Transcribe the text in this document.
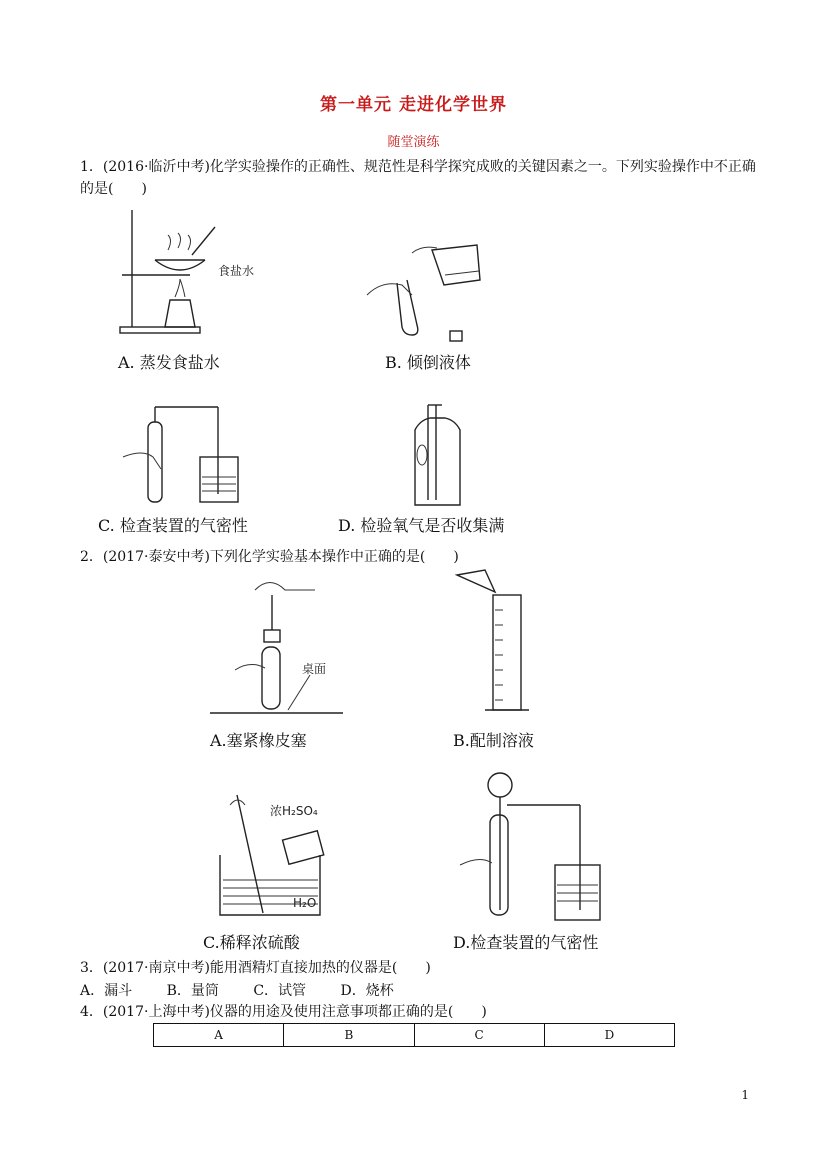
第一单元 走进化学世界
随堂演练
1．(2016·临沂中考)化学实验操作的正确性、规范性是科学探究成败的关键因素之一。下列实验操作中不正确的是(　　)
食盐水
A. 蒸发食盐水	B. 倾倒液体
C. 检查装置的气密性	D. 检验氧气是否收集满
2．(2017·泰安中考)下列化学实验基本操作中正确的是(　　)
桌面
A.塞紧橡皮塞	B.配制溶液
浓H₂SO₄
H₂O
C.稀释浓硫酸	D.检查装置的气密性
3．(2017·南京中考)能用酒精灯直接加热的仪器是(　　)
A．漏斗 B．量筒 C．试管 D．烧杯
4．(2017·上海中考)仪器的用途及使用注意事项都正确的是(　　)
A	B	C	D
1
